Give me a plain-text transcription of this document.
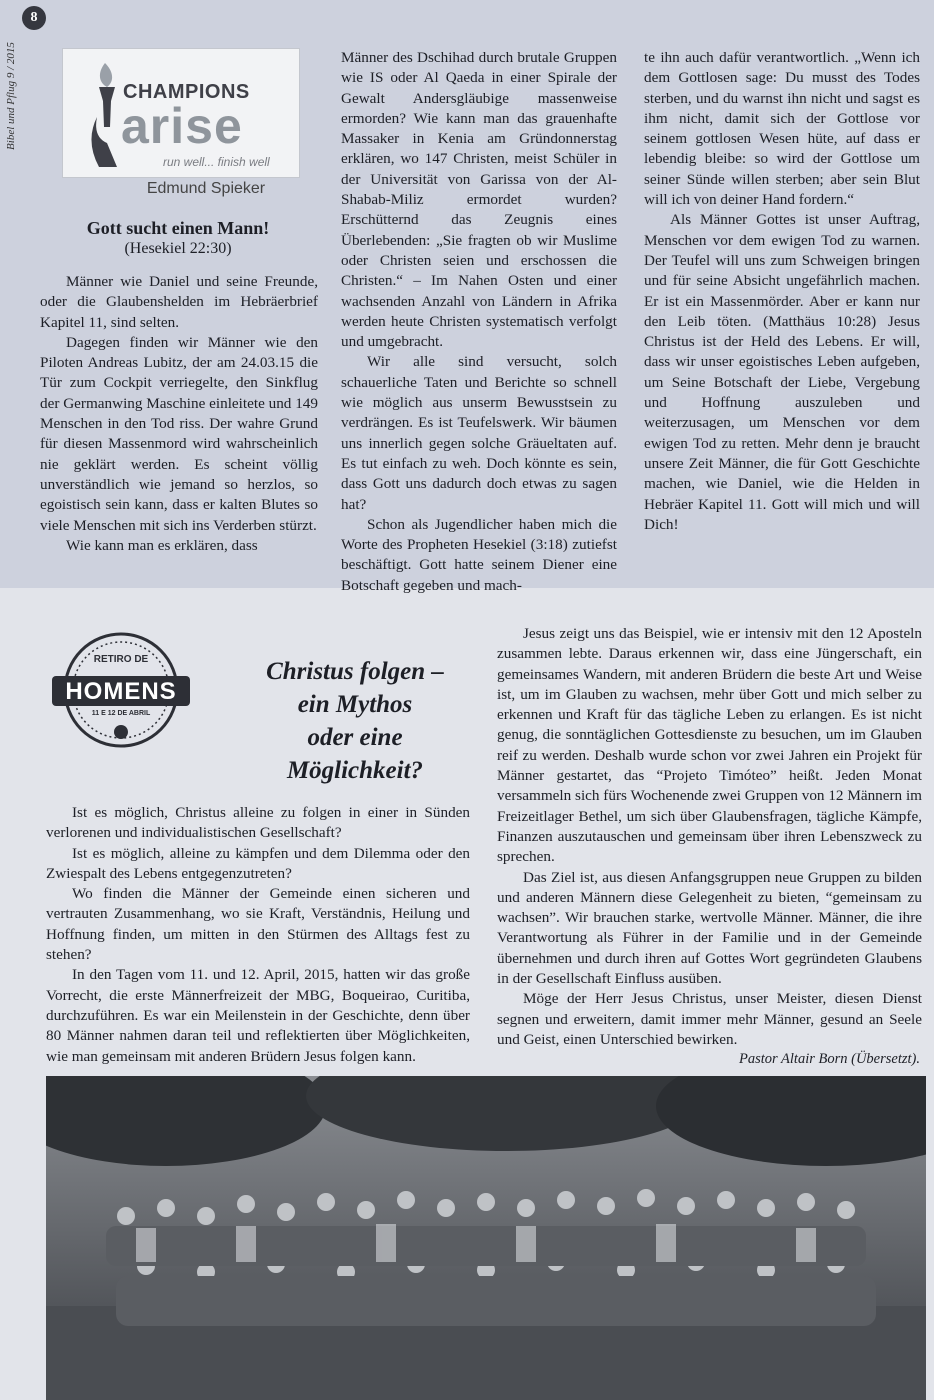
8
Bibel und Pflug 9 / 2015	CHAMPIONS
arise
run well... finish well
Edmund Spieker
Gott sucht einen Mann!
(Hesekiel 22:30)

Männer wie Daniel und seine Freunde, oder die Glaubenshelden im Hebräerbrief Kapitel 11, sind selten.

Dagegen finden wir Männer wie den Piloten Andreas Lubitz, der am 24.03.15 die Tür zum Cockpit verriegelte, den Sinkflug der Germanwing Maschine einleitete und 149 Menschen in den Tod riss. Der wahre Grund für diesen Massenmord wird wahrscheinlich nie geklärt werden. Es scheint völlig unverständlich wie jemand so herzlos, so egoistisch sein kann, dass er kalten Blutes so viele Menschen mit sich ins Verderben stürzt.

Wie kann man es erklären, dass

Männer des Dschihad durch brutale Gruppen wie IS oder Al Qaeda in einer Spirale der Gewalt Andersgläubige massenweise ermorden? Wie kann man das grauenhafte Massaker in Kenia am Gründonnerstag erklären, wo 147 Christen, meist Schüler in der Universität von Garissa von der Al-Shabab-Miliz ermordet wurden? Erschütternd das Zeugnis eines Überlebenden: „Sie fragten ob wir Muslime oder Christen seien und erschossen die Christen.“ – Im Nahen Osten und einer wachsenden Anzahl von Ländern in Afrika werden heute Christen systematisch verfolgt und umgebracht.

Wir alle sind versucht, solch schauerliche Taten und Berichte so schnell wie möglich aus unserm Bewusstsein zu verdrängen. Es ist Teufelswerk. Wir bäumen uns innerlich gegen solche Gräueltaten auf. Es tut einfach zu weh. Doch könnte es sein, dass Gott uns dadurch doch etwas zu sagen hat?

Schon als Jugendlicher haben mich die Worte des Propheten Hesekiel (3:18) zutiefst beschäftigt. Gott hatte seinem Diener eine Botschaft gegeben und mach-

te ihn auch dafür verantwortlich. „Wenn ich dem Gottlosen sage: Du musst des Todes sterben, und du warnst ihn nicht und sagst es ihm nicht, damit sich der Gottlose vor seinem gottlosen Wesen hüte, auf dass er lebendig bleibe: so wird der Gottlose um seiner Sünde willen sterben; aber sein Blut will ich von deiner Hand fordern.“

Als Männer Gottes ist unser Auftrag, Menschen vor dem ewigen Tod zu warnen. Der Teufel will uns zum Schweigen bringen und für seine Absicht ungefährlich machen. Er ist ein Massenmörder. Aber er kann nur den Leib töten. (Matthäus 10:28) Jesus Christus ist der Held des Lebens. Er will, dass wir unser egoistisches Leben aufgeben, um Seine Botschaft der Liebe, Vergebung und Hoffnung auszuleben und weiterzusagen, um Menschen vor dem ewigen Tod zu retten. Mehr denn je braucht unsere Zeit Männer, die für Gott Geschichte machen, wie Daniel, wie die Helden in Hebräer Kapitel 11. Gott will mich und will Dich!

RETIRO DE
HOMENS
11 E 12 DE ABRIL
Christus folgen –
ein Mythos
oder eine
Möglichkeit?

Ist es möglich, Christus alleine zu folgen in einer in Sünden verlorenen und individualistischen Gesellschaft?

Ist es möglich, alleine zu kämpfen und dem Dilemma oder den Zwiespalt des Lebens entgegenzutreten?

Wo finden die Männer der Gemeinde einen sicheren und vertrauten Zusammenhang, wo sie Kraft, Verständnis, Heilung und Hoffnung finden, um mitten in den Stürmen des Alltags fest zu stehen?

In den Tagen vom 11. und 12. April, 2015, hatten wir das große Vorrecht, die erste Männerfreizeit der MBG, Boqueirao, Curitiba, durchzuführen. Es war ein Meilenstein in der Geschichte, denn über 80 Männer nahmen daran teil und reflektierten über Möglichkeiten, wie man gemeinsam mit anderen Brüdern Jesus folgen kann.

Jesus zeigt uns das Beispiel, wie er intensiv mit den 12 Aposteln zusammen lebte. Daraus erkennen wir, dass eine Jüngerschaft, ein gemeinsames Wandern, mit anderen Brüdern die beste Art und Weise ist, um im Glauben zu wachsen, mehr über Gott und mich selber zu erkennen und Kraft für das tägliche Leben zu erlangen. Es ist nicht genug, die sonntäglichen Gottesdienste zu besuchen, um im Glauben reif zu werden. Deshalb wurde schon vor zwei Jahren ein Projekt für Männer gestartet, das “Projeto Timóteo” heißt. Jeden Monat versammeln sich fürs Wochenende zwei Gruppen von 12 Männern im Freizeitlager Bethel, um sich über Glaubensfragen, tägliche Kämpfe, Finanzen auszutauschen und gemeinsam über ihren Lebenszweck zu sprechen.

Das Ziel ist, aus diesen Anfangsgruppen neue Gruppen zu bilden und anderen Männern diese Gelegenheit zu bieten, “gemeinsam zu wachsen”. Wir brauchen starke, wertvolle Männer. Männer, die ihre Verantwortung als Führer in der Familie und in der Gemeinde übernehmen und durch ihren auf Gottes Wort gegründeten Glaubens in der Gesellschaft Einfluss ausüben.

Möge der Herr Jesus Christus, unser Meister, diesen Dienst segnen und erweitern, damit immer mehr Männer, gesund an Seele und Geist, einen Unterschied bewirken.

Pastor Altair Born (Übersetzt).
